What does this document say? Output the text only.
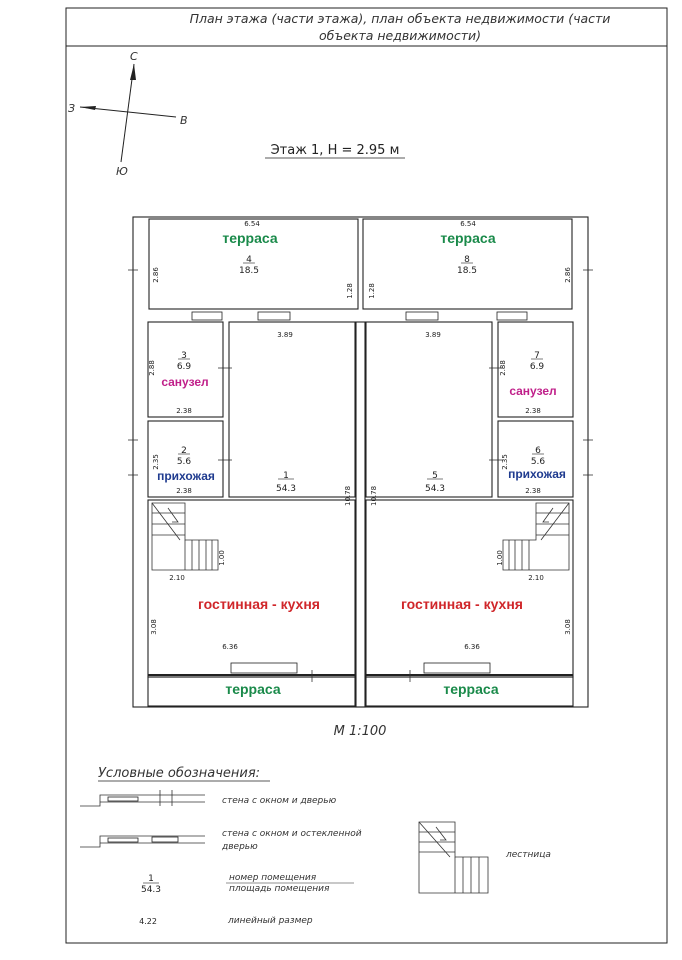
План этажа (части этажа), план объекта недвижимости (части
объекта недвижимости)
С
Ю
З
В
Этаж 1, H = 2.95 м
6.54	6.54
2.86	2.86
1.28 1.28
3.89	3.89
2.88	2.88
2.38	2.38
2.35	2.35
2.38	2.38
10.78	10.78
1.00	1.00
2.10	2.10
3.08	3.08
6.36	6.36
терраса
4
18.5
терраса
8
18.5
3
6.9
санузел
7
6.9
санузел
2
5.6
прихожая
6
5.6
прихожая
1
54.3
гостинная - кухня
5
54.3
гостинная - кухня
терраса	терраса
М 1:100
Условные обозначения:
стена с окном и дверью
стена с окном и остекленной
дверью
1
54.3
номер помещения
площадь помещения
4.22	линейный размер
лестница
